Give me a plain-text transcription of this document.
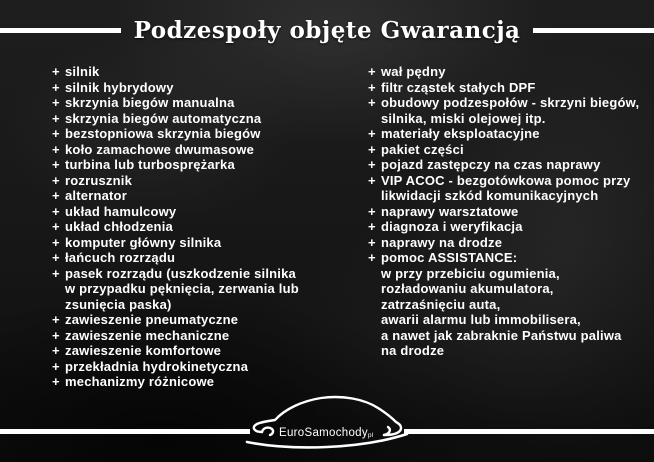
Podzespoły objęte Gwarancją
+ silnik
+ silnik hybrydowy
+ skrzynia biegów manualna
+ skrzynia biegów automatyczna
+ bezstopniowa skrzynia biegów
+ koło zamachowe dwumasowe
+ turbina lub turbosprężarka
+ rozrusznik
+ alternator
+ układ hamulcowy
+ układ chłodzenia
+ komputer główny silnika
+ łańcuch rozrządu
+ pasek rozrządu (uszkodzenie silnika
w przypadku pęknięcia, zerwania lub
zsunięcia paska)
+ zawieszenie pneumatyczne
+ zawieszenie mechaniczne
+ zawieszenie komfortowe
+ przekładnia hydrokinetyczna
+ mechanizmy różnicowe
+ wał pędny
+ filtr cząstek stałych DPF
+ obudowy podzespołów - skrzyni biegów,
silnika, miski olejowej itp.
+ materiały eksploatacyjne
+ pakiet części
+ pojazd zastępczy na czas naprawy
+ VIP ACOC - bezgotówkowa pomoc przy
likwidacji szkód komunikacyjnych
+ naprawy warsztatowe
+ diagnoza i weryfikacja
+ naprawy na drodze
+ pomoc ASSISTANCE:
w przy przebiciu ogumienia,
rozładowaniu akumulatora,
zatrzaśnięciu auta,
awarii alarmu lub immobilisera,
a nawet jak zabraknie Państwu paliwa
na drodze
EuroSamochodypl
